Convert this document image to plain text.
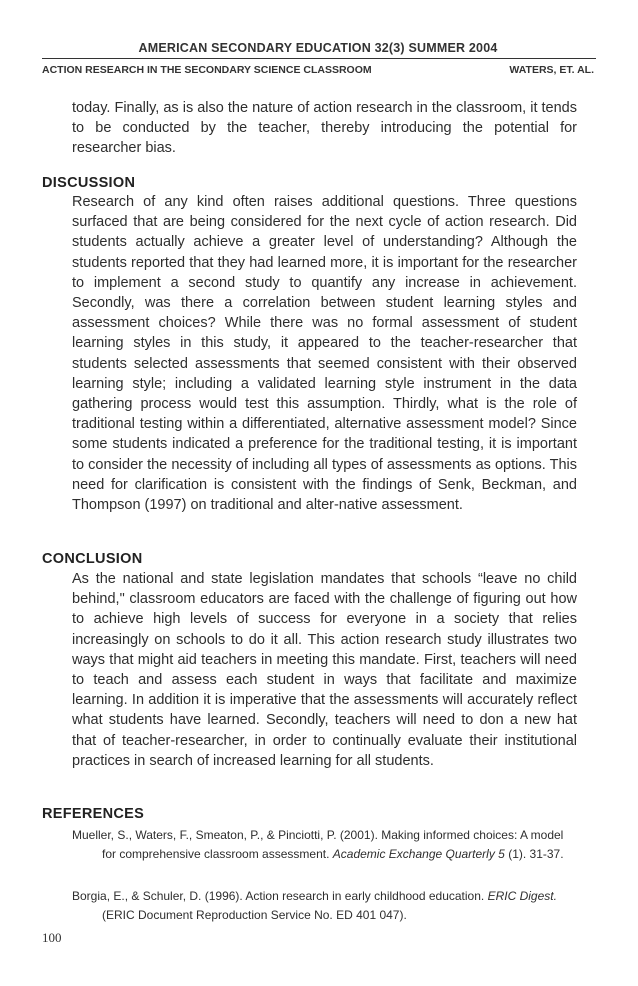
AMERICAN SECONDARY EDUCATION 32(3) SUMMER 2004
ACTION RESEARCH IN THE SECONDARY SCIENCE CLASSROOM	WATERS, ET. AL.
today. Finally, as is also the nature of action research in the classroom, it tends to be conducted by the teacher, thereby introducing the potential for researcher bias.
DISCUSSION
Research of any kind often raises additional questions. Three questions surfaced that are being considered for the next cycle of action research. Did students actually achieve a greater level of understanding? Although the students reported that they had learned more, it is important for the researcher to implement a second study to quantify any increase in achievement. Secondly, was there a correlation between student learning styles and assessment choices? While there was no formal assessment of student learning styles in this study, it appeared to the teacher-researcher that students selected assessments that seemed consistent with their observed learning style; including a validated learning style instrument in the data gathering process would test this assumption. Thirdly, what is the role of traditional testing within a differentiated, alternative assessment model? Since some students indicated a preference for the traditional testing, it is important to consider the necessity of including all types of assessments as options. This need for clarification is consistent with the findings of Senk, Beckman, and Thompson (1997) on traditional and alter-native assessment.
CONCLUSION
As the national and state legislation mandates that schools “leave no child behind," classroom educators are faced with the challenge of figuring out how to achieve high levels of success for everyone in a society that relies increasingly on schools to do it all. This action research study illustrates two ways that might aid teachers in meeting this mandate. First, teachers will need to teach and assess each student in ways that facilitate and maximize learning. In addition it is imperative that the assessments will accurately reflect what students have learned. Secondly, teachers will need to don a new hat that of teacher-researcher, in order to continually evaluate their institutional practices in search of increased learning for all students.
REFERENCES
Mueller, S., Waters, F., Smeaton, P., & Pinciotti, P. (2001). Making informed choices: A model for comprehensive classroom assessment. Academic Exchange Quarterly 5 (1). 31-37.
Borgia, E., & Schuler, D. (1996). Action research in early childhood education. ERIC Digest. (ERIC Document Reproduction Service No. ED 401 047).
100
